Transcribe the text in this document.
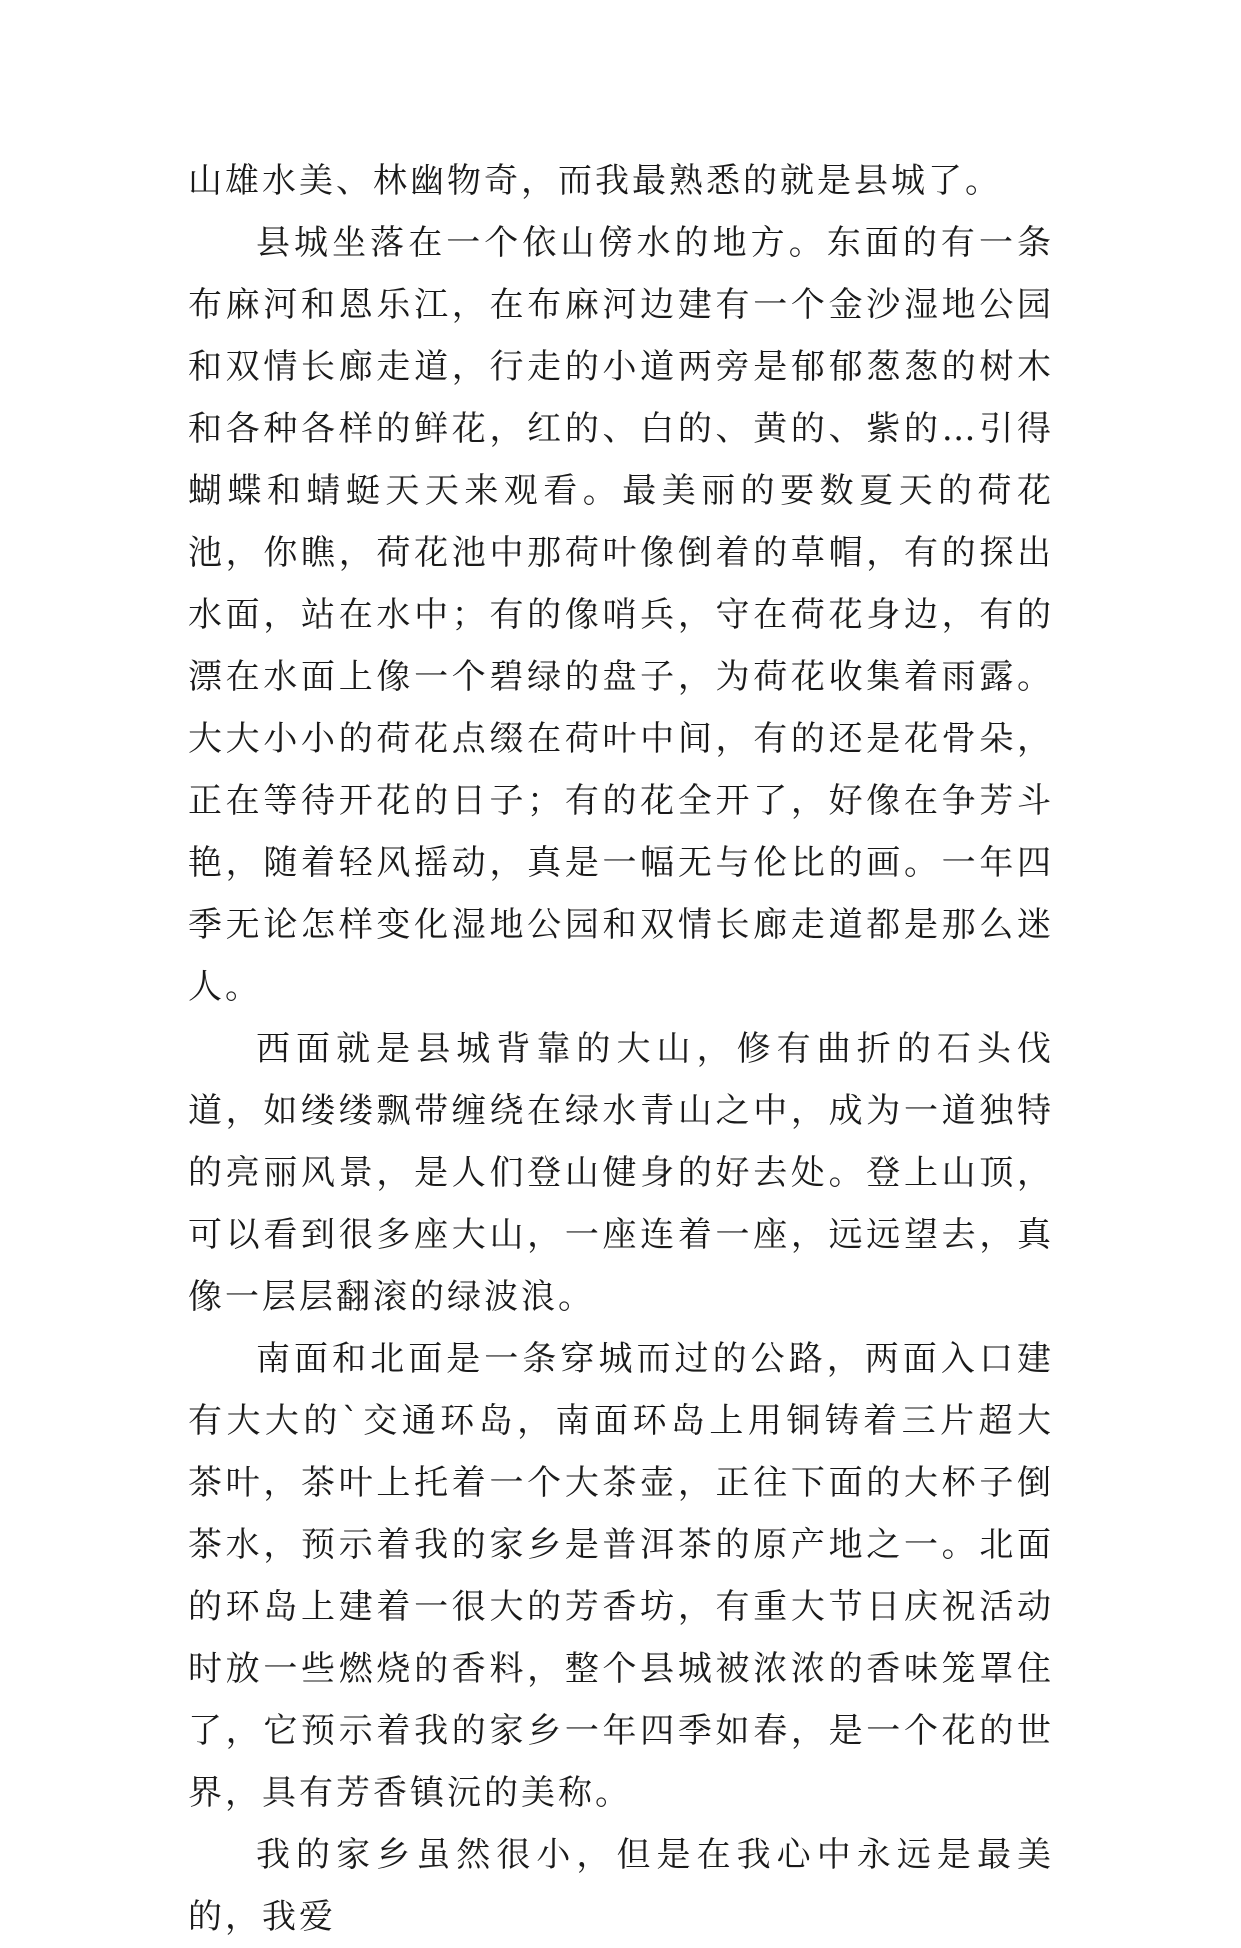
山雄水美、林幽物奇，而我最熟悉的就是县城了。

县城坐落在一个依山傍水的地方。东面的有一条布麻河和恩乐江，在布麻河边建有一个金沙湿地公园和双情长廊走道，行走的小道两旁是郁郁葱葱的树木和各种各样的鲜花，红的、白的、黄的、紫的…引得蝴蝶和蜻蜓天天来观看。最美丽的要数夏天的荷花池，你瞧，荷花池中那荷叶像倒着的草帽，有的探出水面，站在水中；有的像哨兵，守在荷花身边，有的漂在水面上像一个碧绿的盘子，为荷花收集着雨露。大大小小的荷花点缀在荷叶中间，有的还是花骨朵，正在等待开花的日子；有的花全开了，好像在争芳斗艳，随着轻风摇动，真是一幅无与伦比的画。一年四季无论怎样变化湿地公园和双情长廊走道都是那么迷人。

西面就是县城背靠的大山，修有曲折的石头伐道，如缕缕飘带缠绕在绿水青山之中，成为一道独特的亮丽风景，是人们登山健身的好去处。登上山顶，可以看到很多座大山，一座连着一座，远远望去，真像一层层翻滚的绿波浪。

南面和北面是一条穿城而过的公路，两面入口建有大大的`交通环岛，南面环岛上用铜铸着三片超大茶叶，茶叶上托着一个大茶壶，正往下面的大杯子倒茶水，预示着我的家乡是普洱茶的原产地之一。北面的环岛上建着一很大的芳香坊，有重大节日庆祝活动时放一些燃烧的香料，整个县城被浓浓的香味笼罩住了，它预示着我的家乡一年四季如春，是一个花的世界，具有芳香镇沅的美称。

我的家乡虽然很小，但是在我心中永远是最美的，我爱
